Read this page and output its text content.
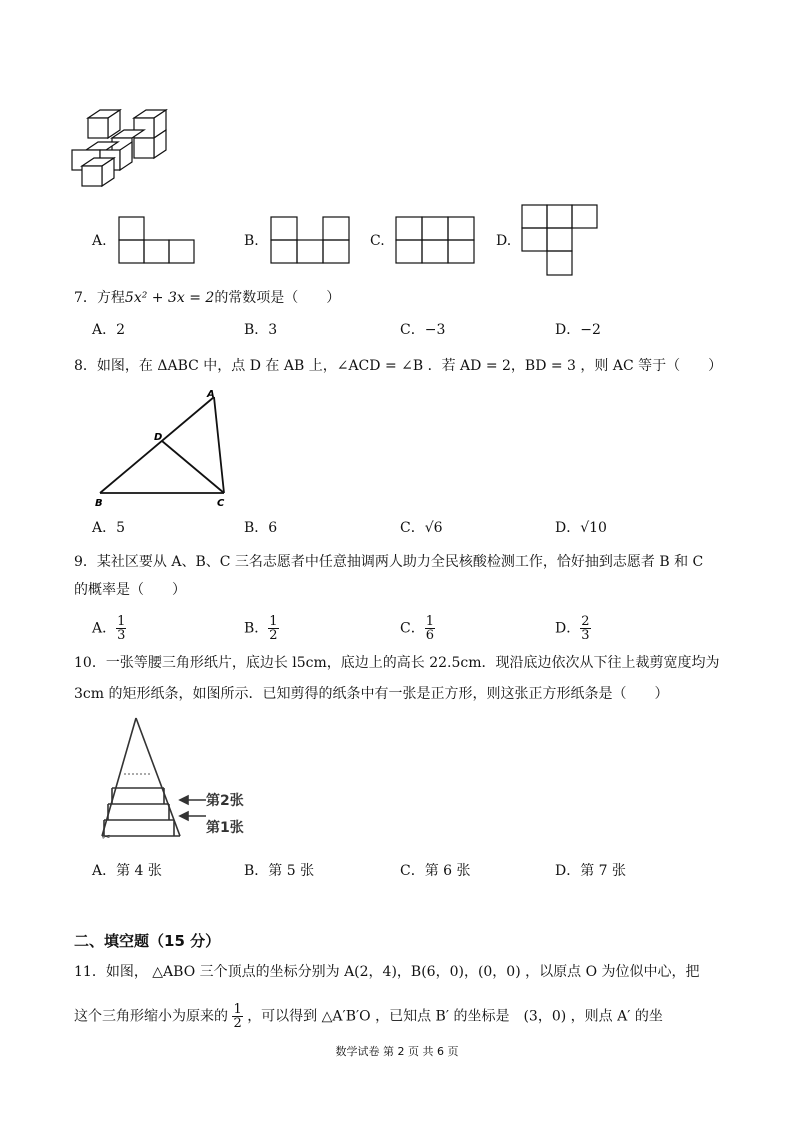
A.	B.	C.	D.
7．方程5x² + 3x = 2的常数项是（　　）
A．2	B．3	C．−3	D．−2
8．如图，在 ΔABC 中，点 D 在 AB 上，∠ACD = ∠B ．若 AD = 2，BD = 3 ，则 AC 等于（　　）
A
D
B	C
A．5	B．6	C．√6	D．√10
9．某社区要从 A、B、C 三名志愿者中任意抽调两人助力全民核酸检测工作，恰好抽到志愿者 B 和 C
的概率是（　　）
A． $\frac{1}{3}$	B． $\frac{1}{2}$	C． $\frac{1}{6}$	D． $\frac{2}{3}$
10．一张等腰三角形纸片，底边长 l5cm，底边上的高长 22.5cm．现沿底边依次从下往上裁剪宽度均为
3cm 的矩形纸条，如图所示．已知剪得的纸条中有一张是正方形，则这张正方形纸条是（　　）
✂
第2张
第1张
A．第 4 张	B．第 5 张	C．第 6 张	D．第 7 张
二、填空题（15 分）
11．如图， △ABO 三个顶点的坐标分别为 A(2，4)，B(6，0)，(0，0) ，以原点 O 为位似中心，把
这个三角形缩小为原来的 $\frac{1}{2}$ ，可以得到 △A′B′O ，已知点 B′ 的坐标是　(3，0) ，则点 A′ 的坐
数学试卷 第 2 页 共 6 页
